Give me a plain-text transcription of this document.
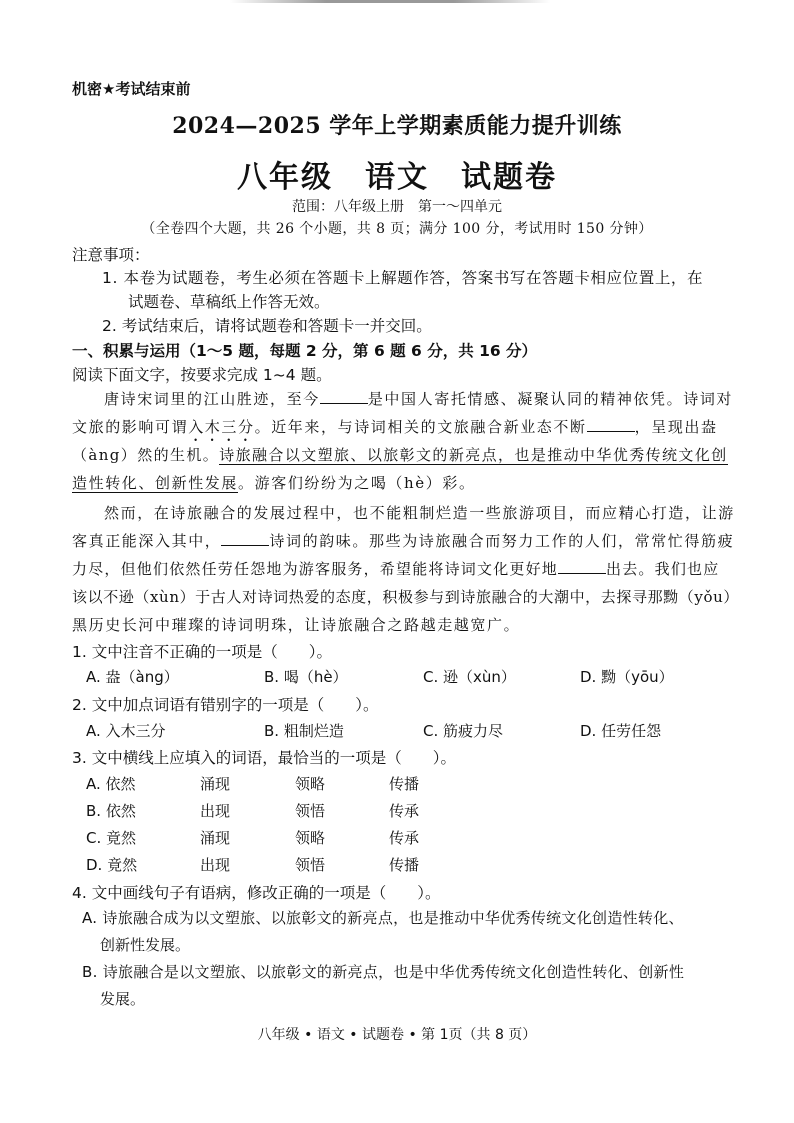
机密★考试结束前
2024—2025 学年上学期素质能力提升训练
八年级　语文　试题卷
范围：八年级上册　第一～四单元
（全卷四个大题，共 26 个小题，共 8 页；满分 100 分，考试用时 150 分钟）
注意事项：
1. 本卷为试题卷，考生必须在答题卡上解题作答，答案书写在答题卡相应位置上，在
试题卷、草稿纸上作答无效。
2. 考试结束后，请将试题卷和答题卡一并交回。
一、积累与运用（1～5 题，每题 2 分，第 6 题 6 分，共 16 分）
阅读下面文字，按要求完成 1~4 题。
唐诗宋词里的江山胜迹，至今	是中国人寄托情感、凝聚认同的精神依凭。诗词对
文旅的影响可谓入木三分。近年来，与诗词相关的文旅融合新业态不断	，呈现出盎
（àng）然的生机。诗旅融合以文塑旅、以旅彰文的新亮点，也是推动中华优秀传统文化创
造性转化、创新性发展。游客们纷纷为之喝（hè）彩。
然而，在诗旅融合的发展过程中，也不能粗制烂造一些旅游项目，而应精心打造，让游
客真正能深入其中，	诗词的韵味。那些为诗旅融合而努力工作的人们，常常忙得筋疲
力尽，但他们依然任劳任怨地为游客服务，希望能将诗词文化更好地	出去。我们也应
该以不逊（xùn）于古人对诗词热爱的态度，积极参与到诗旅融合的大潮中，去探寻那黝（yǒu）
黑历史长河中璀璨的诗词明珠，让诗旅融合之路越走越宽广。
1. 文中注音不正确的一项是（　　）。
A. 盎（àng）	B. 喝（hè）	C. 逊（xùn）	D. 黝（yōu）
2. 文中加点词语有错别字的一项是（　　）。
A. 入木三分	B. 粗制烂造	C. 筋疲力尽	D. 任劳任怨
3. 文中横线上应填入的词语，最恰当的一项是（　　）。
A. 依然	涌现	领略	传播
B. 依然	出现	领悟	传承
C. 竟然	涌现	领略	传承
D. 竟然	出现	领悟	传播
4. 文中画线句子有语病，修改正确的一项是（　　）。
A. 诗旅融合成为以文塑旅、以旅彰文的新亮点，也是推动中华优秀传统文化创造性转化、
创新性发展。
B. 诗旅融合是以文塑旅、以旅彰文的新亮点，也是中华优秀传统文化创造性转化、创新性
发展。
八年级 • 语文 • 试题卷 • 第 1页（共 8 页）
